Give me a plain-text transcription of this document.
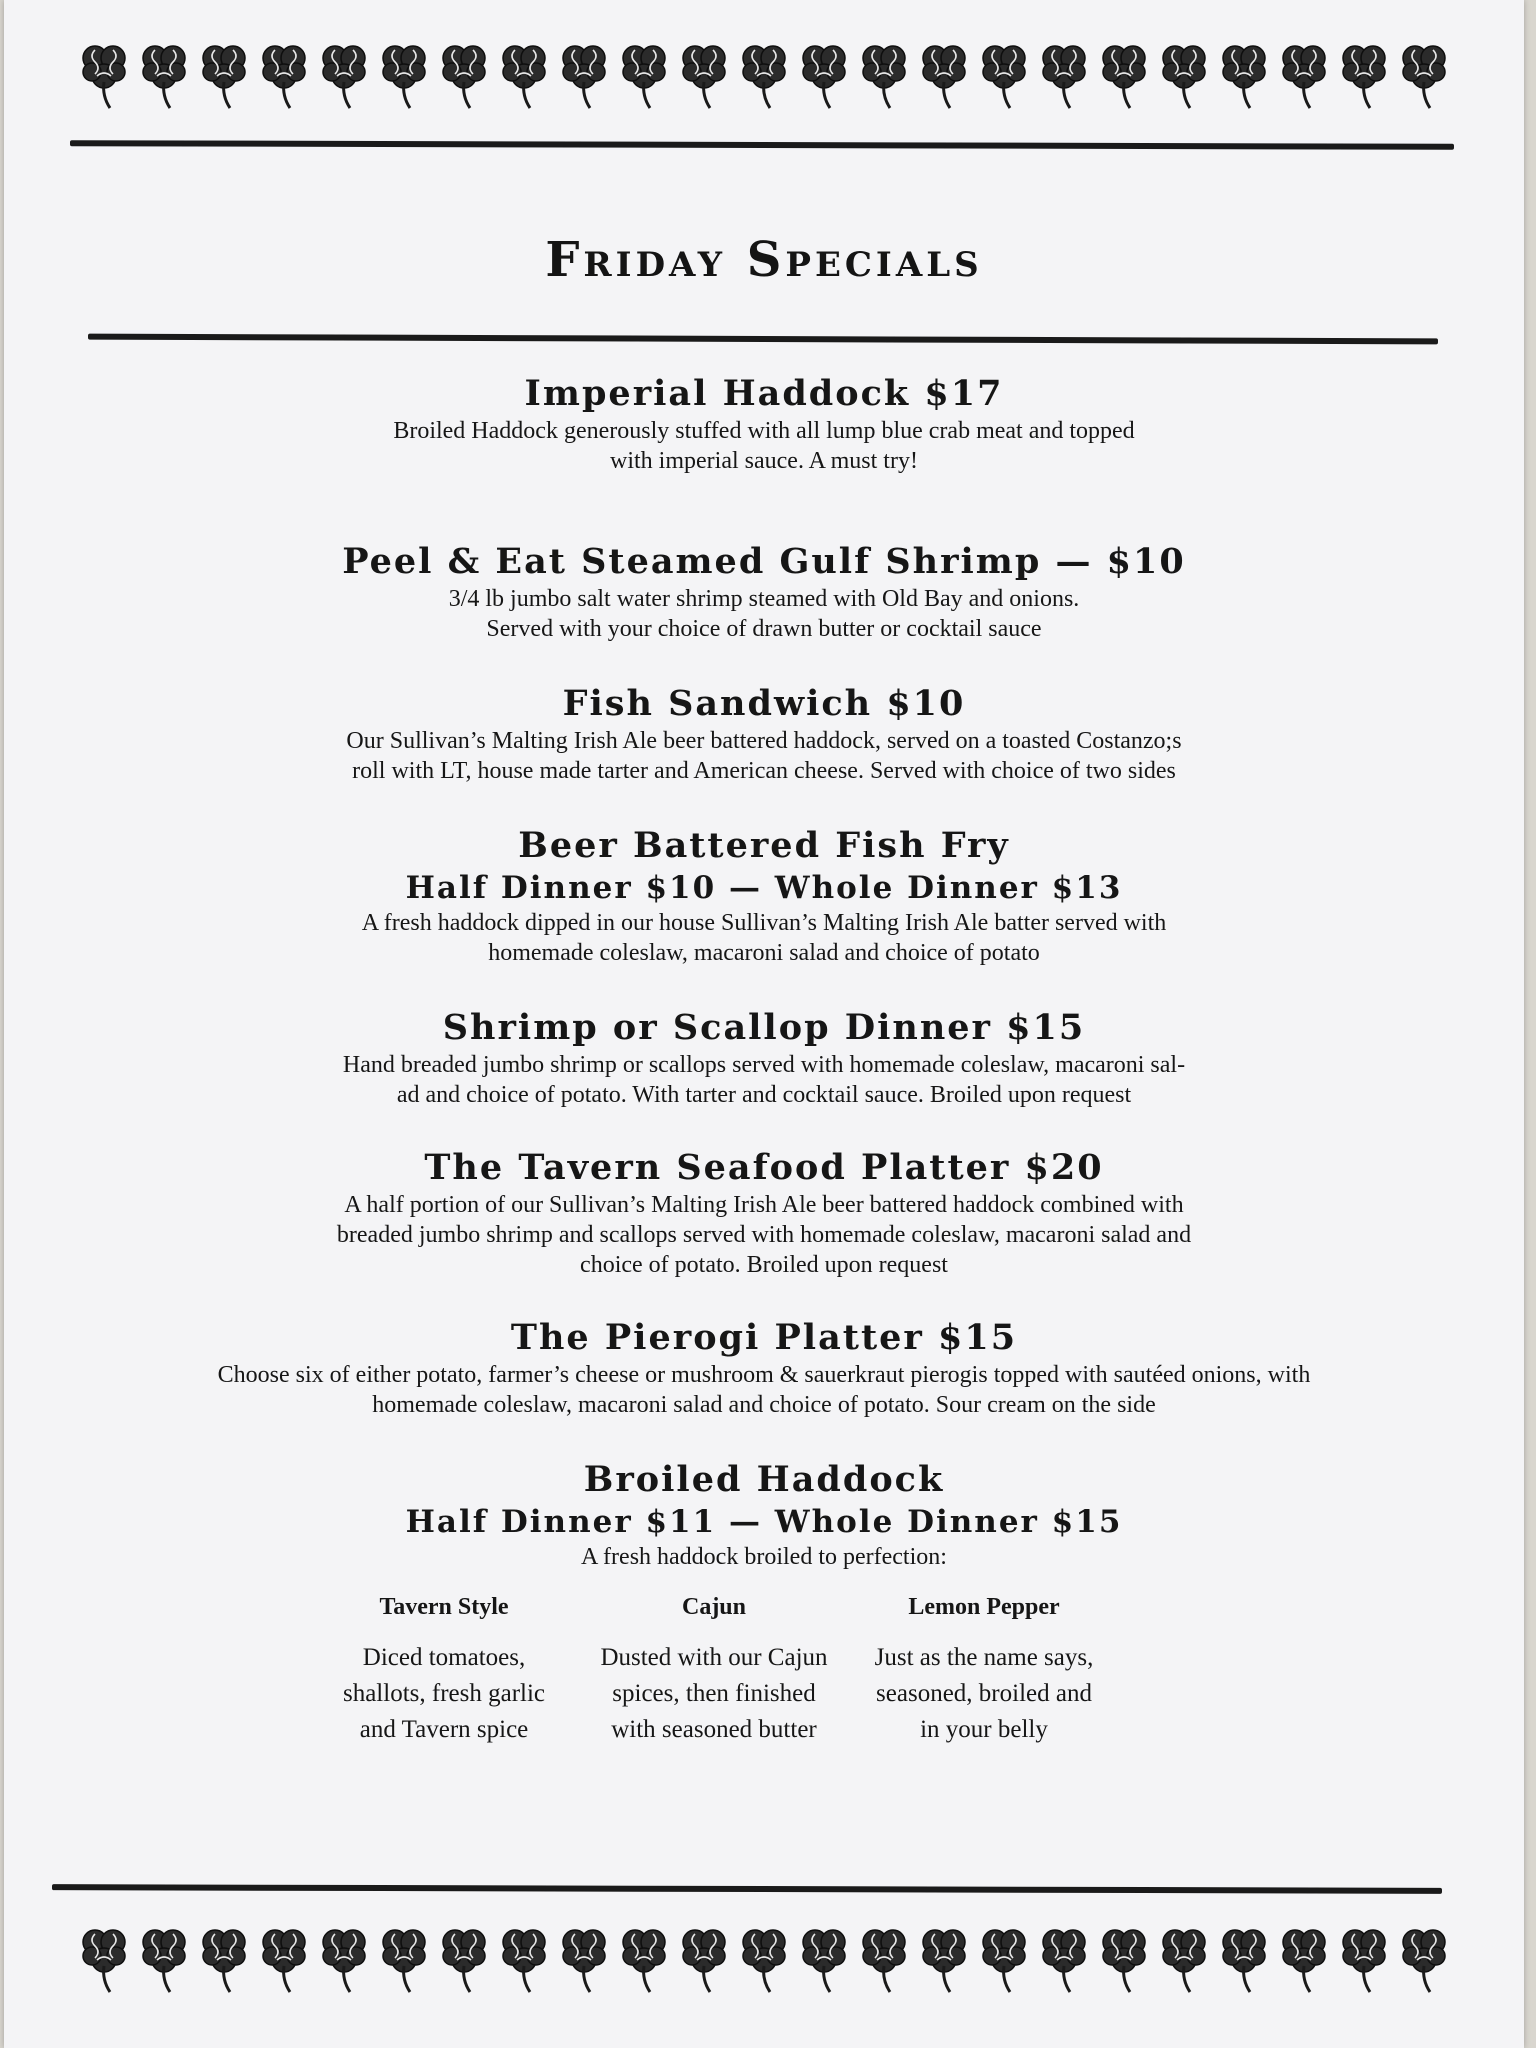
Friday Specials

Imperial Haddock $17

Broiled Haddock generously stuffed with all lump blue crab meat and topped

with imperial sauce. A must try!

Peel & Eat Steamed Gulf Shrimp — $10

3/4 lb jumbo salt water shrimp steamed with Old Bay and onions.

Served with your choice of drawn butter or cocktail sauce

Fish Sandwich $10

Our Sullivan’s Malting Irish Ale beer battered haddock, served on a toasted Costanzo;s

roll with LT, house made tarter and American cheese. Served with choice of two sides

Beer Battered Fish Fry

Half Dinner $10 — Whole Dinner $13

A fresh haddock dipped in our house Sullivan’s Malting Irish Ale batter served with

homemade coleslaw, macaroni salad and choice of potato

Shrimp or Scallop Dinner $15

Hand breaded jumbo shrimp or scallops served with homemade coleslaw, macaroni sal-

ad and choice of potato. With tarter and cocktail sauce. Broiled upon request

The Tavern Seafood Platter $20

A half portion of our Sullivan’s Malting Irish Ale beer battered haddock combined with

breaded jumbo shrimp and scallops served with homemade coleslaw, macaroni salad and

choice of potato. Broiled upon request

The Pierogi Platter $15

Choose six of either potato, farmer’s cheese or mushroom & sauerkraut pierogis topped with sautéed onions, with

homemade coleslaw, macaroni salad and choice of potato. Sour cream on the side

Broiled Haddock

Half Dinner $11 — Whole Dinner $15

A fresh haddock broiled to perfection:

Tavern Style
Diced tomatoes,
shallots, fresh garlic
and Tavern spice
Cajun
Dusted with our Cajun
spices, then finished
with seasoned butter
Lemon Pepper
Just as the name says,
seasoned, broiled and
in your belly
